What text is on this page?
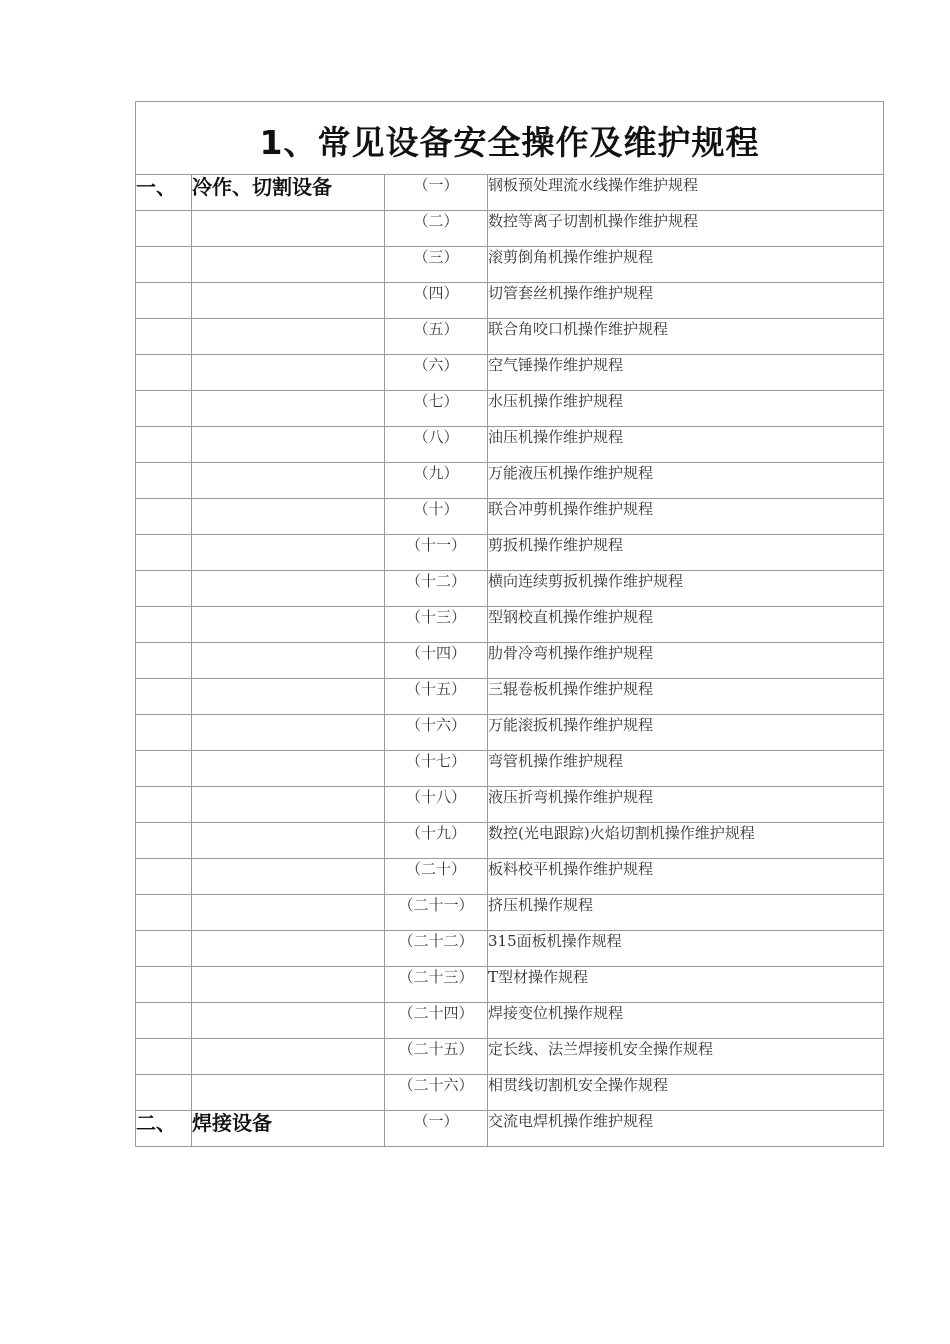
1、常见设备安全操作及维护规程			
一、	冷作、切割设备	（一）	钢板预处理流水线操作维护规程
		（二）	数控等离子切割机操作维护规程
		（三）	滚剪倒角机操作维护规程
		（四）	切管套丝机操作维护规程
		（五）	联合角咬口机操作维护规程
		（六）	空气锤操作维护规程
		（七）	水压机操作维护规程
		（八）	油压机操作维护规程
		（九）	万能液压机操作维护规程
		（十）	联合冲剪机操作维护规程
		（十一）	剪扳机操作维护规程
		（十二）	横向连续剪扳机操作维护规程
		（十三）	型钢校直机操作维护规程
		（十四）	肋骨冷弯机操作维护规程
		（十五）	三辊卷板机操作维护规程
		（十六）	万能滚扳机操作维护规程
		（十七）	弯管机操作维护规程
		（十八）	液压折弯机操作维护规程
		（十九）	数控(光电跟踪)火焰切割机操作维护规程
		（二十）	板料校平机操作维护规程
		（二十一）	挤压机操作规程
		（二十二）	315面板机操作规程
		（二十三）	T型材操作规程
		（二十四）	焊接变位机操作规程
		（二十五）	定长线、法兰焊接机安全操作规程
		（二十六）	相贯线切割机安全操作规程
二、	焊接设备	（一）	交流电焊机操作维护规程
